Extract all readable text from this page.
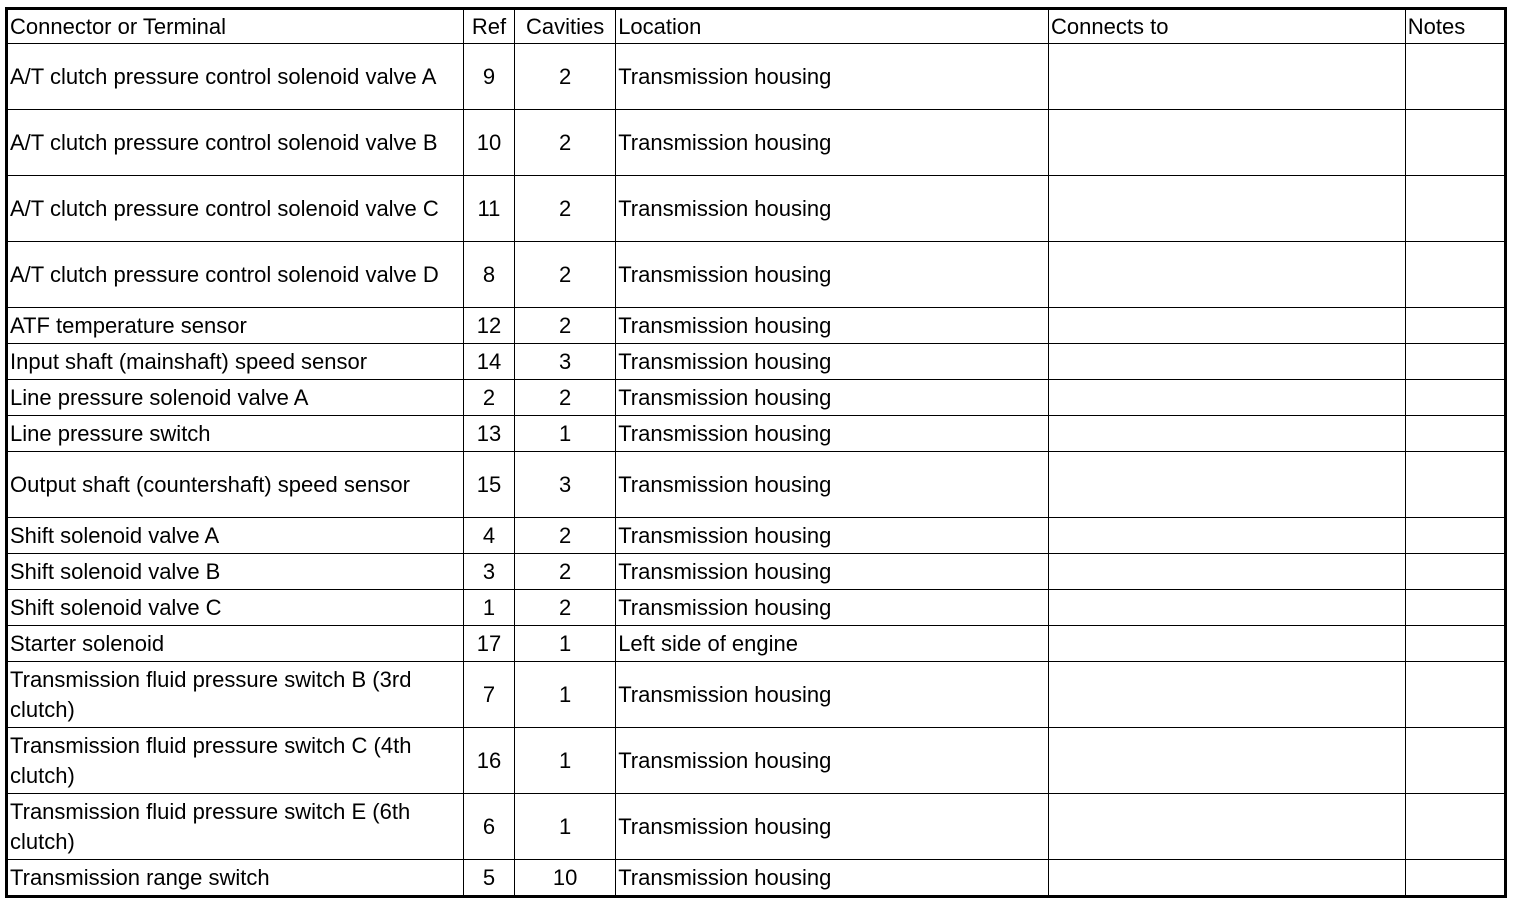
Connector or Terminal	Ref	Cavities	Location	Connects to	Notes
A/T clutch pressure control solenoid valve A	9	2	Transmission housing		
A/T clutch pressure control solenoid valve B	10	2	Transmission housing		
A/T clutch pressure control solenoid valve C	11	2	Transmission housing		
A/T clutch pressure control solenoid valve D	8	2	Transmission housing		
ATF temperature sensor	12	2	Transmission housing		
Input shaft (mainshaft) speed sensor	14	3	Transmission housing		
Line pressure solenoid valve A	2	2	Transmission housing		
Line pressure switch	13	1	Transmission housing		
Output shaft (countershaft) speed sensor	15	3	Transmission housing		
Shift solenoid valve A	4	2	Transmission housing		
Shift solenoid valve B	3	2	Transmission housing		
Shift solenoid valve C	1	2	Transmission housing		
Starter solenoid	17	1	Left side of engine		
Transmission fluid pressure switch B (3rd clutch)	7	1	Transmission housing		
Transmission fluid pressure switch C (4th clutch)	16	1	Transmission housing		
Transmission fluid pressure switch E (6th clutch)	6	1	Transmission housing		
Transmission range switch	5	10	Transmission housing		
